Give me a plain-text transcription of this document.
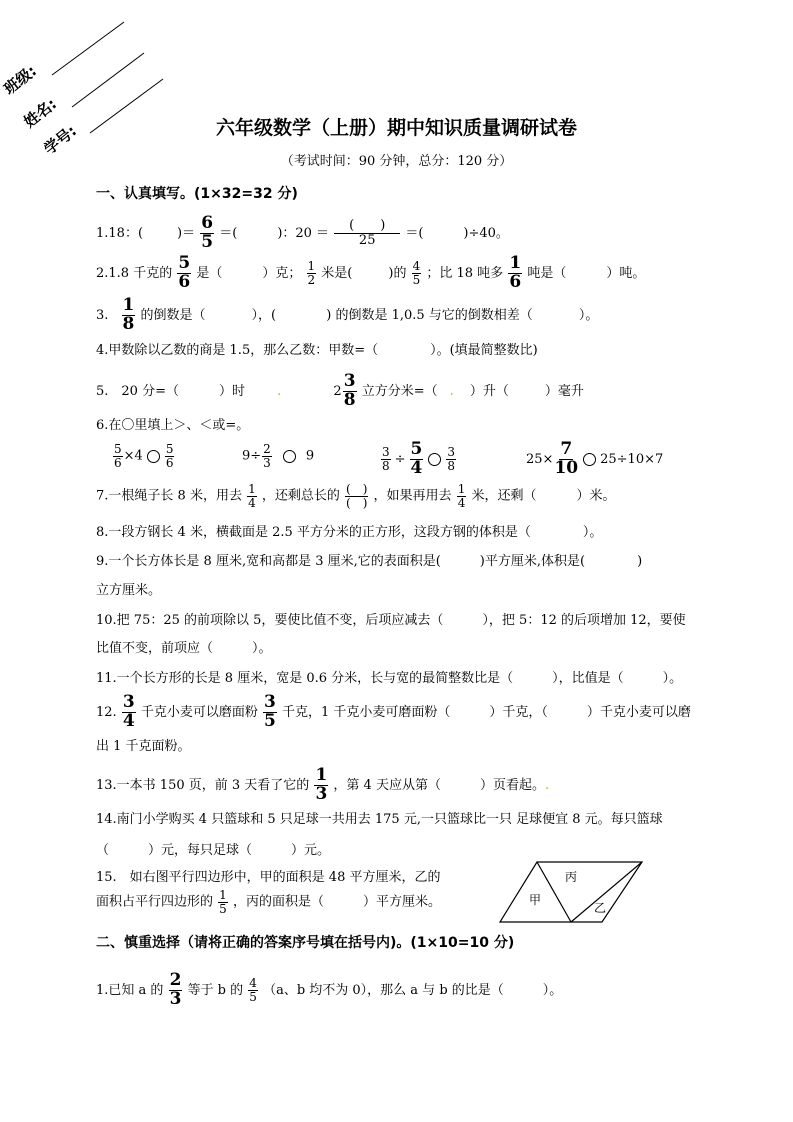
班级:
姓名:
学号:	六年级数学（上册）期中知识质量调研试卷
（考试时间：90 分钟，总分：120 分）
一、认真填写。(1×32=32 分)
1.18：(	)＝ $\frac{6}{5}$ ＝(	)：$20 = \frac{( )}{25}$ ＝(	)÷40。
2.1.8 千克的 $\frac{5}{6}$ 是（	）克； $\frac{1}{2}$ 米是(	)的 $\frac{4}{5}$ ；比 18 吨多 $\frac{1}{6}$ 吨是（	）吨。
3. $\frac{1}{8}$ 的倒数是（	），(	) 的倒数是 1,0.5 与它的倒数相差（	）。
4.甲数除以乙数的商是 1.5，那么乙数：甲数=（　　　　）。(填最简整数比)
5.　20 分=（	）时 .	$2 \frac{3}{8}$ 立方分米=（ . ）升（	）毫升
6.在〇里填上＞、＜或=。
$\frac{5}{6} \times 4 \frac{5}{6}$	$9\div \frac{2}{3}$	9	$\frac{3}{8} \div \frac{5}{4} \frac{3}{8}$	$25\times \frac{7}{10} 25\div 10\times 7$
7.一根绳子长 8 米，用去 $\frac{1}{4}$ ，还剩总长的 $\frac{( )}{( )}$ ，如果再用去 $\frac{1}{4}$ 米，还剩（	）米。
8.一段方钢长 4 米，横截面是 2.5 平方分米的正方形，这段方钢的体积是（　　　　）。
9.一个长方体长是 8 厘米,宽和高都是 3 厘米,它的表面积是(　　　)平方厘米,体积是(　　　　)
立方厘米。
10.把 75：25 的前项除以 5，要使比值不变，后项应减去（　　　），把 5：12 的后项增加 12，要使
比值不变，前项应（　　　）。
11.一个长方形的长是 8 厘米，宽是 0.6 分米，长与宽的最简整数比是（　　　），比值是（　　　）。
12. $\frac{3}{4}$ 千克小麦可以磨面粉 $\frac{3}{5}$ 千克，1 千克小麦可磨面粉（　　　）千克，（　　　）千克小麦可以磨
出 1 千克面粉。
13.一本书 150 页，前 3 天看了它的 $\frac{1}{3}$ ，第 4 天应从第（　　　）页看起。.
14.南门小学购买 4 只篮球和 5 只足球一共用去 175 元,一只篮球比一只 足球便宜 8 元。每只篮球
（　　　）元，每只足球（　　　）元。
15.　如右图平行四边形中，甲的面积是 48 平方厘米，乙的
面积占平行四边形的 $\frac{1}{5}$ ，丙的面积是（　　　）平方厘米。	甲
丙
乙
二、慎重选择（请将正确的答案序号填在括号内)。(1×10=10 分)
1.已知 a 的 $\frac{2}{3}$ 等于 b 的 $\frac{4}{5} (a$、b 均不为 0），那么 a 与 b 的比是（　　　）。
